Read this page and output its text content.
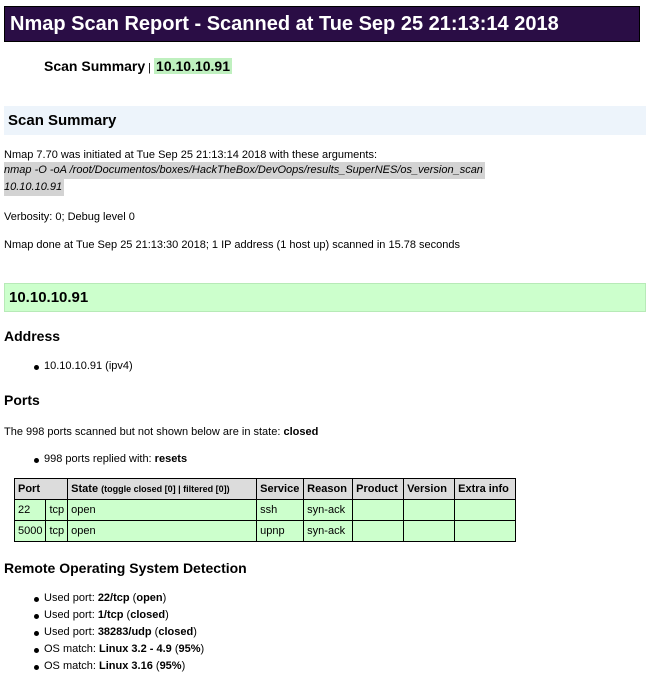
Nmap Scan Report - Scanned at Tue Sep 25 21:13:14 2018
Scan Summary | 10.10.10.91
Scan Summary
Nmap 7.70 was initiated at Tue Sep 25 21:13:14 2018 with these arguments:
nmap -O -oA /root/Documentos/boxes/HackTheBox/DevOops/results_SuperNES/os_version_scan
10.10.10.91
Verbosity: 0; Debug level 0
Nmap done at Tue Sep 25 21:13:30 2018; 1 IP address (1 host up) scanned in 15.78 seconds
10.10.10.91
Address
10.10.10.91 (ipv4)
Ports
The 998 ports scanned but not shown below are in state: closed
998 ports replied with: resets
Port		State (toggle closed [0] | filtered [0])	Service	Reason	Product	Version	Extra info
22	tcp	open	ssh	syn-ack			
5000	tcp	open	upnp	syn-ack			
Remote Operating System Detection
Used port: 22/tcp (open)
Used port: 1/tcp (closed)
Used port: 38283/udp (closed)
OS match: Linux 3.2 - 4.9 (95%)
OS match: Linux 3.16 (95%)
